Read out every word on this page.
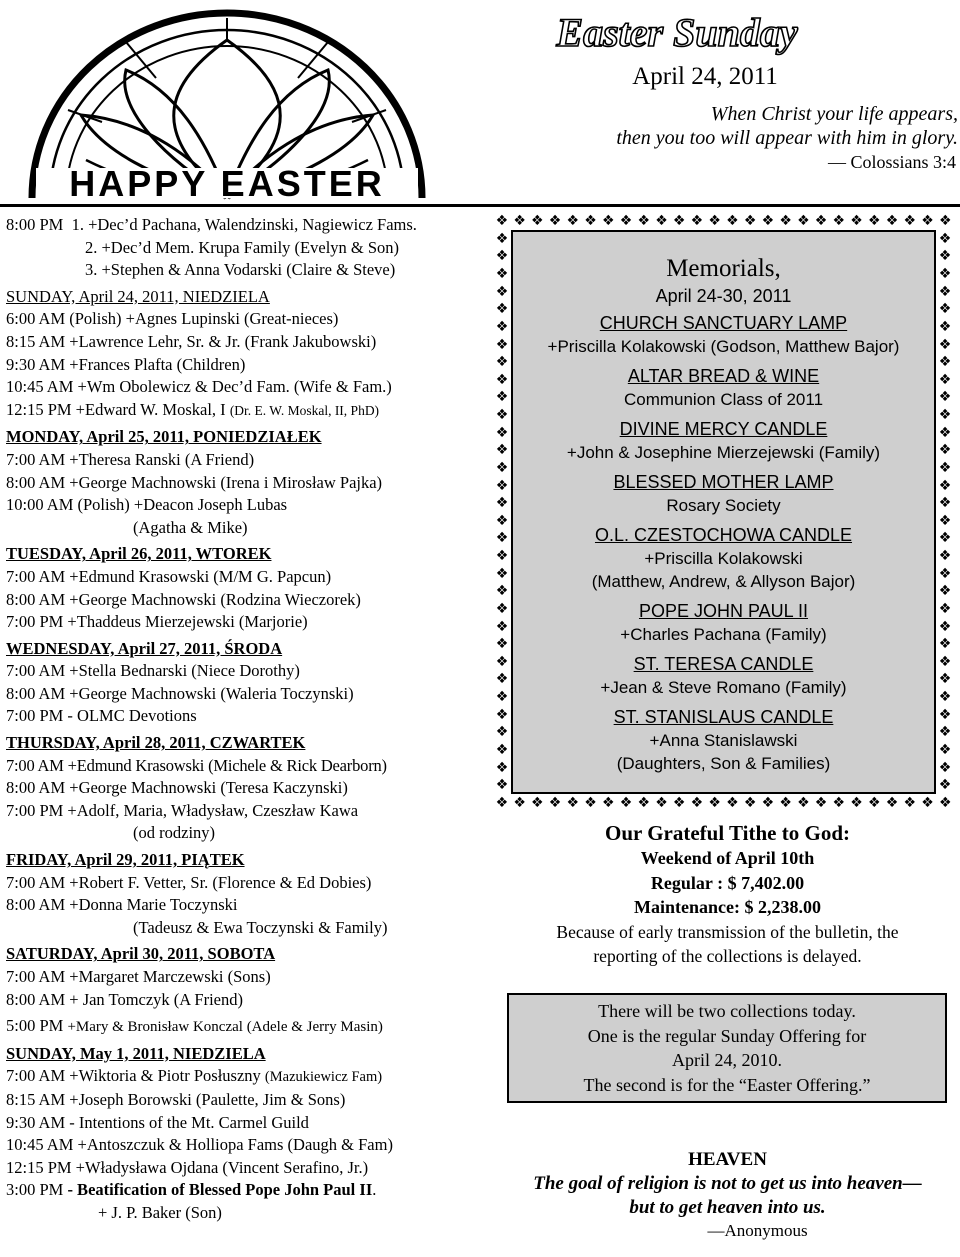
HAPPY EASTER
Easter Sunday
April 24, 2011
When Christ your life appears,
then you too will appear with him in glory.
— Colossians 3:4
8:00 PM 1. +Dec’d Pachana, Walendzinski, Nagiewicz Fams.
2. +Dec’d Mem. Krupa Family (Evelyn & Son)
3. +Stephen & Anna Vodarski (Claire & Steve)
SUNDAY, April 24, 2011, NIEDZIELA
6:00 AM (Polish) +Agnes Lupinski (Great-nieces)
8:15 AM +Lawrence Lehr, Sr. & Jr. (Frank Jakubowski)
9:30 AM +Frances Plafta (Children)
10:45 AM +Wm Obolewicz & Dec’d Fam. (Wife & Fam.)
12:15 PM +Edward W. Moskal, I (Dr. E. W. Moskal, II, PhD)
MONDAY, April 25, 2011, PONIEDZIAŁEK
7:00 AM +Theresa Ranski (A Friend)
8:00 AM +George Machnowski (Irena i Mirosław Pajka)
10:00 AM (Polish) +Deacon Joseph Lubas
(Agatha & Mike)
TUESDAY, April 26, 2011, WTOREK
7:00 AM +Edmund Krasowski (M/M G. Papcun)
8:00 AM +George Machnowski (Rodzina Wieczorek)
7:00 PM +Thaddeus Mierzejewski (Marjorie)
WEDNESDAY, April 27, 2011, ŚRODA
7:00 AM +Stella Bednarski (Niece Dorothy)
8:00 AM +George Machnowski (Waleria Toczynski)
7:00 PM - OLMC Devotions
THURSDAY, April 28, 2011, CZWARTEK
7:00 AM +Edmund Krasowski (Michele & Rick Dearborn)
8:00 AM +George Machnowski (Teresa Kaczynski)
7:00 PM +Adolf, Maria, Władysław, Czeszław Kawa
(od rodziny)
FRIDAY, April 29, 2011, PIĄTEK
7:00 AM +Robert F. Vetter, Sr. (Florence & Ed Dobies)
8:00 AM +Donna Marie Toczynski
(Tadeusz & Ewa Toczynski & Family)
SATURDAY, April 30, 2011, SOBOTA
7:00 AM +Margaret Marczewski (Sons)
8:00 AM + Jan Tomczyk (A Friend)
5:00 PM +Mary & Bronisław Konczal (Adele & Jerry Masin)
SUNDAY, May 1, 2011, NIEDZIELA
7:00 AM +Wiktoria & Piotr Posłuszny (Mazukiewicz Fam)
8:15 AM +Joseph Borowski (Paulette, Jim & Sons)
9:30 AM - Intentions of the Mt. Carmel Guild
10:45 AM +Antoszczuk & Holliopa Fams (Daugh & Fam)
12:15 PM +Władysława Ojdana (Vincent Serafino, Jr.)
3:00 PM - Beatification of Blessed Pope John Paul II.
+ J. P. Baker (Son)
❖ ❖ ❖ ❖ ❖ ❖ ❖ ❖ ❖ ❖ ❖ ❖ ❖ ❖ ❖ ❖ ❖ ❖ ❖ ❖ ❖ ❖ ❖ ❖ ❖ ❖
❖ ❖ ❖ ❖ ❖ ❖ ❖ ❖ ❖ ❖ ❖ ❖ ❖ ❖ ❖ ❖ ❖ ❖ ❖ ❖ ❖ ❖ ❖ ❖ ❖ ❖
❖
❖
❖
❖
❖
❖
❖
❖
❖
❖
❖
❖
❖
❖
❖
❖
❖
❖
❖
❖
❖
❖
❖
❖
❖
❖
❖
❖
❖
❖
❖
❖
❖
❖
❖
❖
❖
❖
❖
❖
❖
❖
❖
❖
❖
❖
❖
❖
❖
❖
❖
❖
❖
❖
❖
❖
❖
❖
❖
❖
❖
❖
❖
❖
Memorials,
April 24-30, 2011
CHURCH SANCTUARY LAMP
+Priscilla Kolakowski (Godson, Matthew Bajor)
ALTAR BREAD & WINE
Communion Class of 2011
DIVINE MERCY CANDLE
+John & Josephine Mierzejewski (Family)
BLESSED MOTHER LAMP
Rosary Society
O.L. CZESTOCHOWA CANDLE
+Priscilla Kolakowski
(Matthew, Andrew, & Allyson Bajor)
POPE JOHN PAUL II
+Charles Pachana (Family)
ST. TERESA CANDLE
+Jean & Steve Romano (Family)
ST. STANISLAUS CANDLE
+Anna Stanislawski
(Daughters, Son & Families)
Our Grateful Tithe to God:
Weekend of April 10th
Regular : $ 7,402.00
Maintenance: $ 2,238.00
Because of early transmission of the bulletin, the
reporting of the collections is delayed.
There will be two collections today.
One is the regular Sunday Offering for
April 24, 2010.
The second is for the “Easter Offering.”
HEAVEN
The goal of religion is not to get us into heaven—
but to get heaven into us.
—Anonymous
